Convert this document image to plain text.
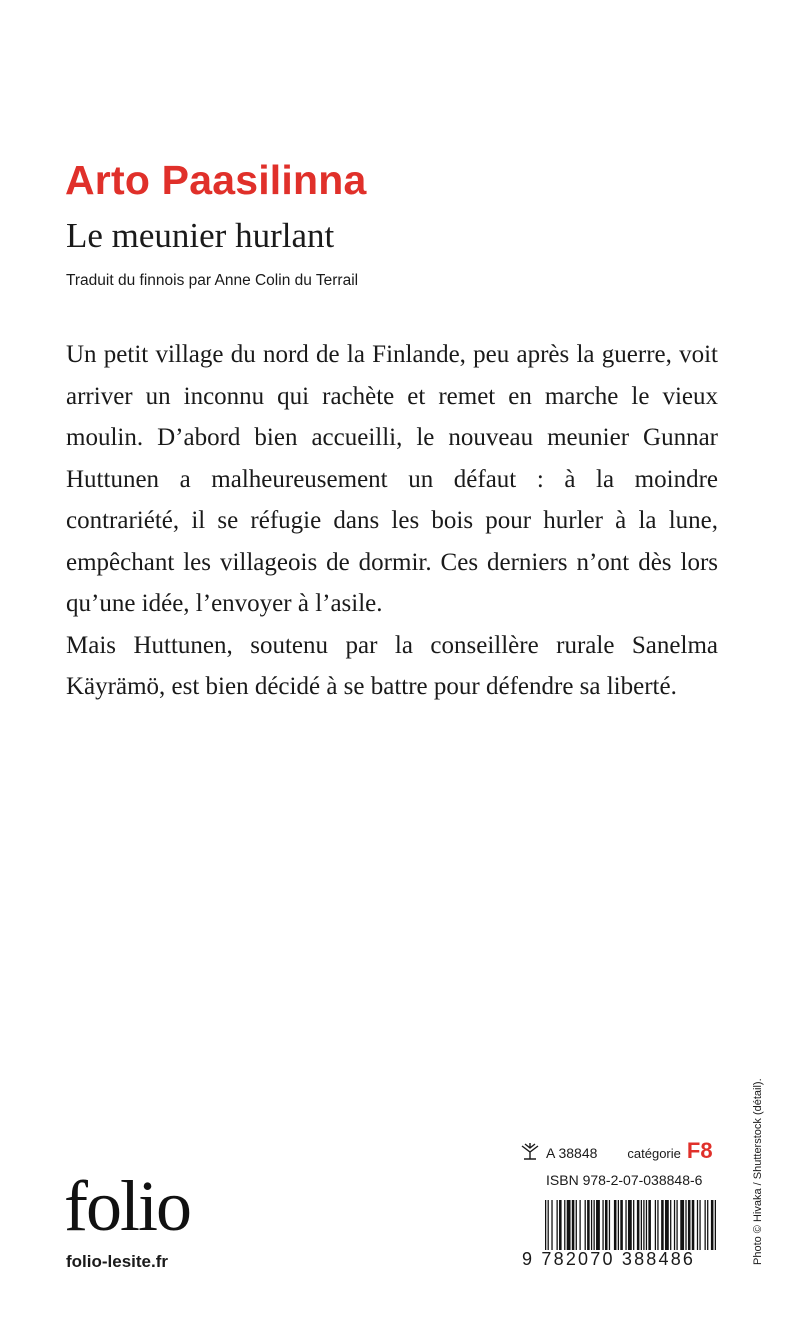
Arto Paasilinna
Le meunier hurlant
Traduit du finnois par Anne Colin du Terrail

Un petit village du nord de la Finlande, peu après la guerre, voit arriver un inconnu qui rachète et remet en marche le vieux moulin. D’abord bien accueilli, le nouveau meunier Gunnar Huttunen a malheureusement un défaut : à la moindre contrariété, il se réfugie dans les bois pour hurler à la lune, empêchant les villageois de dormir. Ces derniers n’ont dès lors qu’une idée, l’envoyer à l’asile.

Mais Huttunen, soutenu par la conseillère rurale Sanelma Käyrämö, est bien décidé à se battre pour défendre sa liberté.

Photo © Hivaka / Shutterstock (détail).
A 38848 catégorie F8
ISBN 978-2-07-038848-6
9 782070 388486
folio
folio-lesite.fr
